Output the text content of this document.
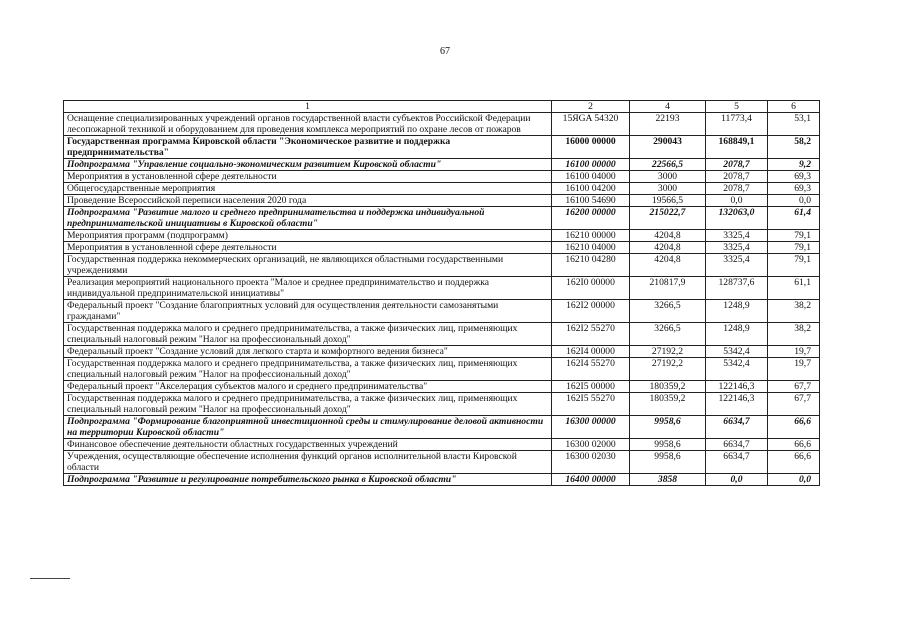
67
1	2	4	5	6
Оснащение специализированных учреждений органов государственной власти субъектов Российской Федерации лесопожарной техникой и оборудованием для проведения комплекса мероприятий по охране лесов от пожаров	15ЯGA 54320	22193	11773,4	53,1
Государственная программа Кировской области "Экономическое развитие и поддержка предпринимательства"	16000 00000	290043	168849,1	58,2
Подпрограмма "Управление социально-экономическим развитием Кировской области"	16100 00000	22566,5	2078,7	9,2
Мероприятия в установленной сфере деятельности	16100 04000	3000	2078,7	69,3
Общегосударственные мероприятия	16100 04200	3000	2078,7	69,3
Проведение Всероссийской переписи населения 2020 года	16100 54690	19566,5	0,0	0,0
Подпрограмма "Развитие малого и среднего предпринимательства и поддержка индивидуальной предпринимательской инициативы в Кировской области"	16200 00000	215022,7	132063,0	61,4
Мероприятия программ (подпрограмм)	16210 00000	4204,8	3325,4	79,1
Мероприятия в установленной сфере деятельности	16210 04000	4204,8	3325,4	79,1
Государственная поддержка некоммерческих организаций, не являющихся областными государственными учреждениями	16210 04280	4204,8	3325,4	79,1
Реализация мероприятий национального проекта "Малое и среднее предпринимательство и поддержка индивидуальной предпринимательской инициативы"	162I0 00000	210817,9	128737,6	61,1
Федеральный проект "Создание благоприятных условий для осуществления деятельности самозанятыми гражданами"	162I2 00000	3266,5	1248,9	38,2
Государственная поддержка малого и среднего предпринимательства, а также физических лиц, применяющих специальный налоговый режим "Налог на профессиональный доход"	162I2 55270	3266,5	1248,9	38,2
Федеральный проект "Создание условий для легкого старта и комфортного ведения бизнеса"	162I4 00000	27192,2	5342,4	19,7
Государственная поддержка малого и среднего предпринимательства, а также физических лиц, применяющих специальный налоговый режим "Налог на профессиональный доход"	162I4 55270	27192,2	5342,4	19,7
Федеральный проект "Акселерация субъектов малого и среднего предпринимательства"	162I5 00000	180359,2	122146,3	67,7
Государственная поддержка малого и среднего предпринимательства, а также физических лиц, применяющих специальный налоговый режим "Налог на профессиональный доход"	162I5 55270	180359,2	122146,3	67,7
Подпрограмма "Формирование благоприятной инвестиционной среды и стимулирование деловой активности на территории Кировской области"	16300 00000	9958,6	6634,7	66,6
Финансовое обеспечение деятельности областных государственных учреждений	16300 02000	9958,6	6634,7	66,6
Учреждения, осуществляющие обеспечение исполнения функций органов исполнительной власти Кировской области	16300 02030	9958,6	6634,7	66,6
Подпрограмма "Развитие и регулирование потребительского рынка в Кировской области"	16400 00000	3858	0,0	0,0
